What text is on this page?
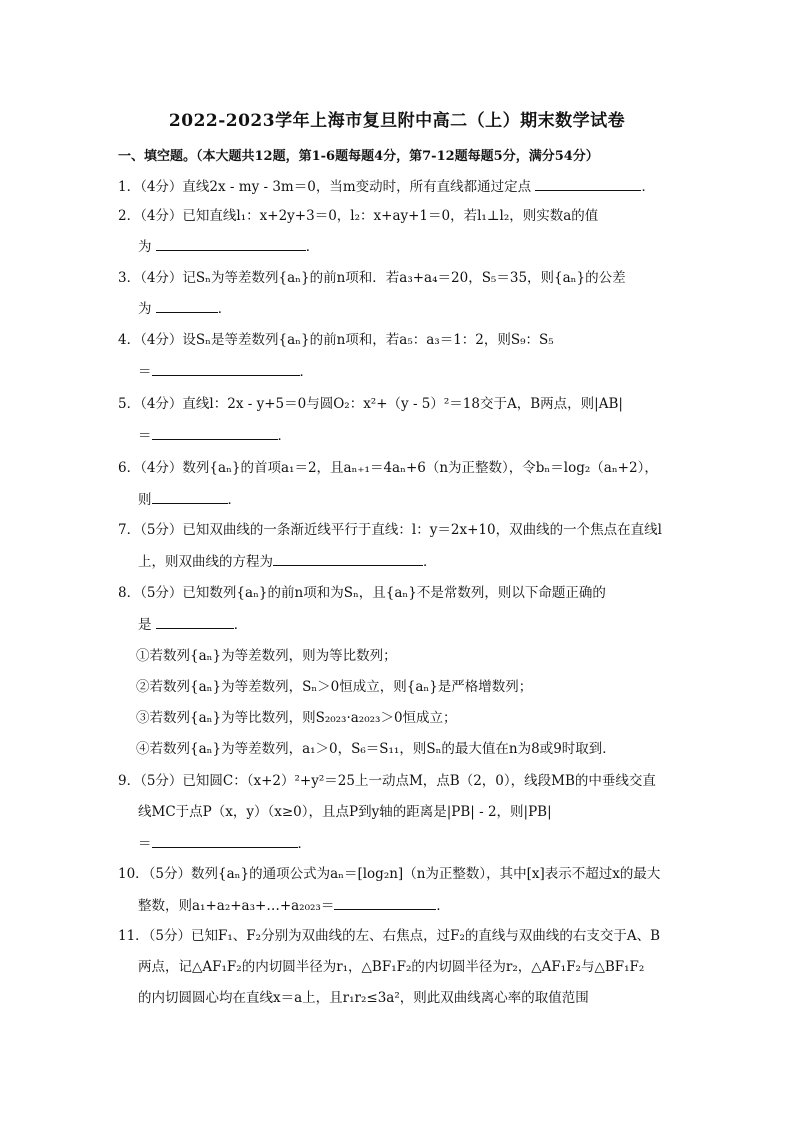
2022-2023学年上海市复旦附中高二（上）期末数学试卷
一、填空题。（本大题共12题，第1-6题每题4分，第7-12题每题5分，满分54分）
1．（4分）直线2x - my - 3m＝0，当m变动时，所有直线都通过定点	．
2．（4分）已知直线l₁：x+2y+3＝0，l₂：x+ay+1＝0，若l₁⊥l₂，则实数a的值
为	．
3．（4分）记Sₙ为等差数列{aₙ}的前n项和．若a₃+a₄＝20，S₅＝35，则{aₙ}的公差
为	．
4．（4分）设Sₙ是等差数列{aₙ}的前n项和，若a₅：a₃＝1：2，则S₉：S₅
＝	．
5．（4分）直线l：2x - y+5＝0与圆O₂：x²+（y - 5）²＝18交于A，B两点，则|AB|
＝	．
6．（4分）数列{aₙ}的首项a₁＝2，且aₙ₊₁＝4aₙ+6（n为正整数），令bₙ＝log₂（aₙ+2），
则	．
7．（5分）已知双曲线的一条渐近线平行于直线：l：y＝2x+10，双曲线的一个焦点在直线l
上，则双曲线的方程为	．
8．（5分）已知数列{aₙ}的前n项和为Sₙ，且{aₙ}不是常数列，则以下命题正确的
是	．
①若数列{aₙ}为等差数列，则为等比数列；
②若数列{aₙ}为等差数列，Sₙ＞0恒成立，则{aₙ}是严格增数列；
③若数列{aₙ}为等比数列，则S₂₀₂₃·a₂₀₂₃＞0恒成立；
④若数列{aₙ}为等差数列，a₁＞0，S₆＝S₁₁，则Sₙ的最大值在n为8或9时取到．
9．（5分）已知圆C：（x+2）²+y²＝25上一动点M，点B（2，0），线段MB的中垂线交直
线MC于点P（x，y）（x≥0），且点P到y轴的距离是|PB| - 2，则|PB|
＝	．
10．（5分）数列{aₙ}的通项公式为aₙ＝[log₂n]（n为正整数），其中[x]表示不超过x的最大
整数，则a₁+a₂+a₃+…+a₂₀₂₃＝	．
11．（5分）已知F₁、F₂分别为双曲线的左、右焦点，过F₂的直线与双曲线的右支交于A、B
两点，记△AF₁F₂的内切圆半径为r₁，△BF₁F₂的内切圆半径为r₂，△AF₁F₂与△BF₁F₂
的内切圆圆心均在直线x＝a上，且r₁r₂≤3a²，则此双曲线离心率的取值范围
